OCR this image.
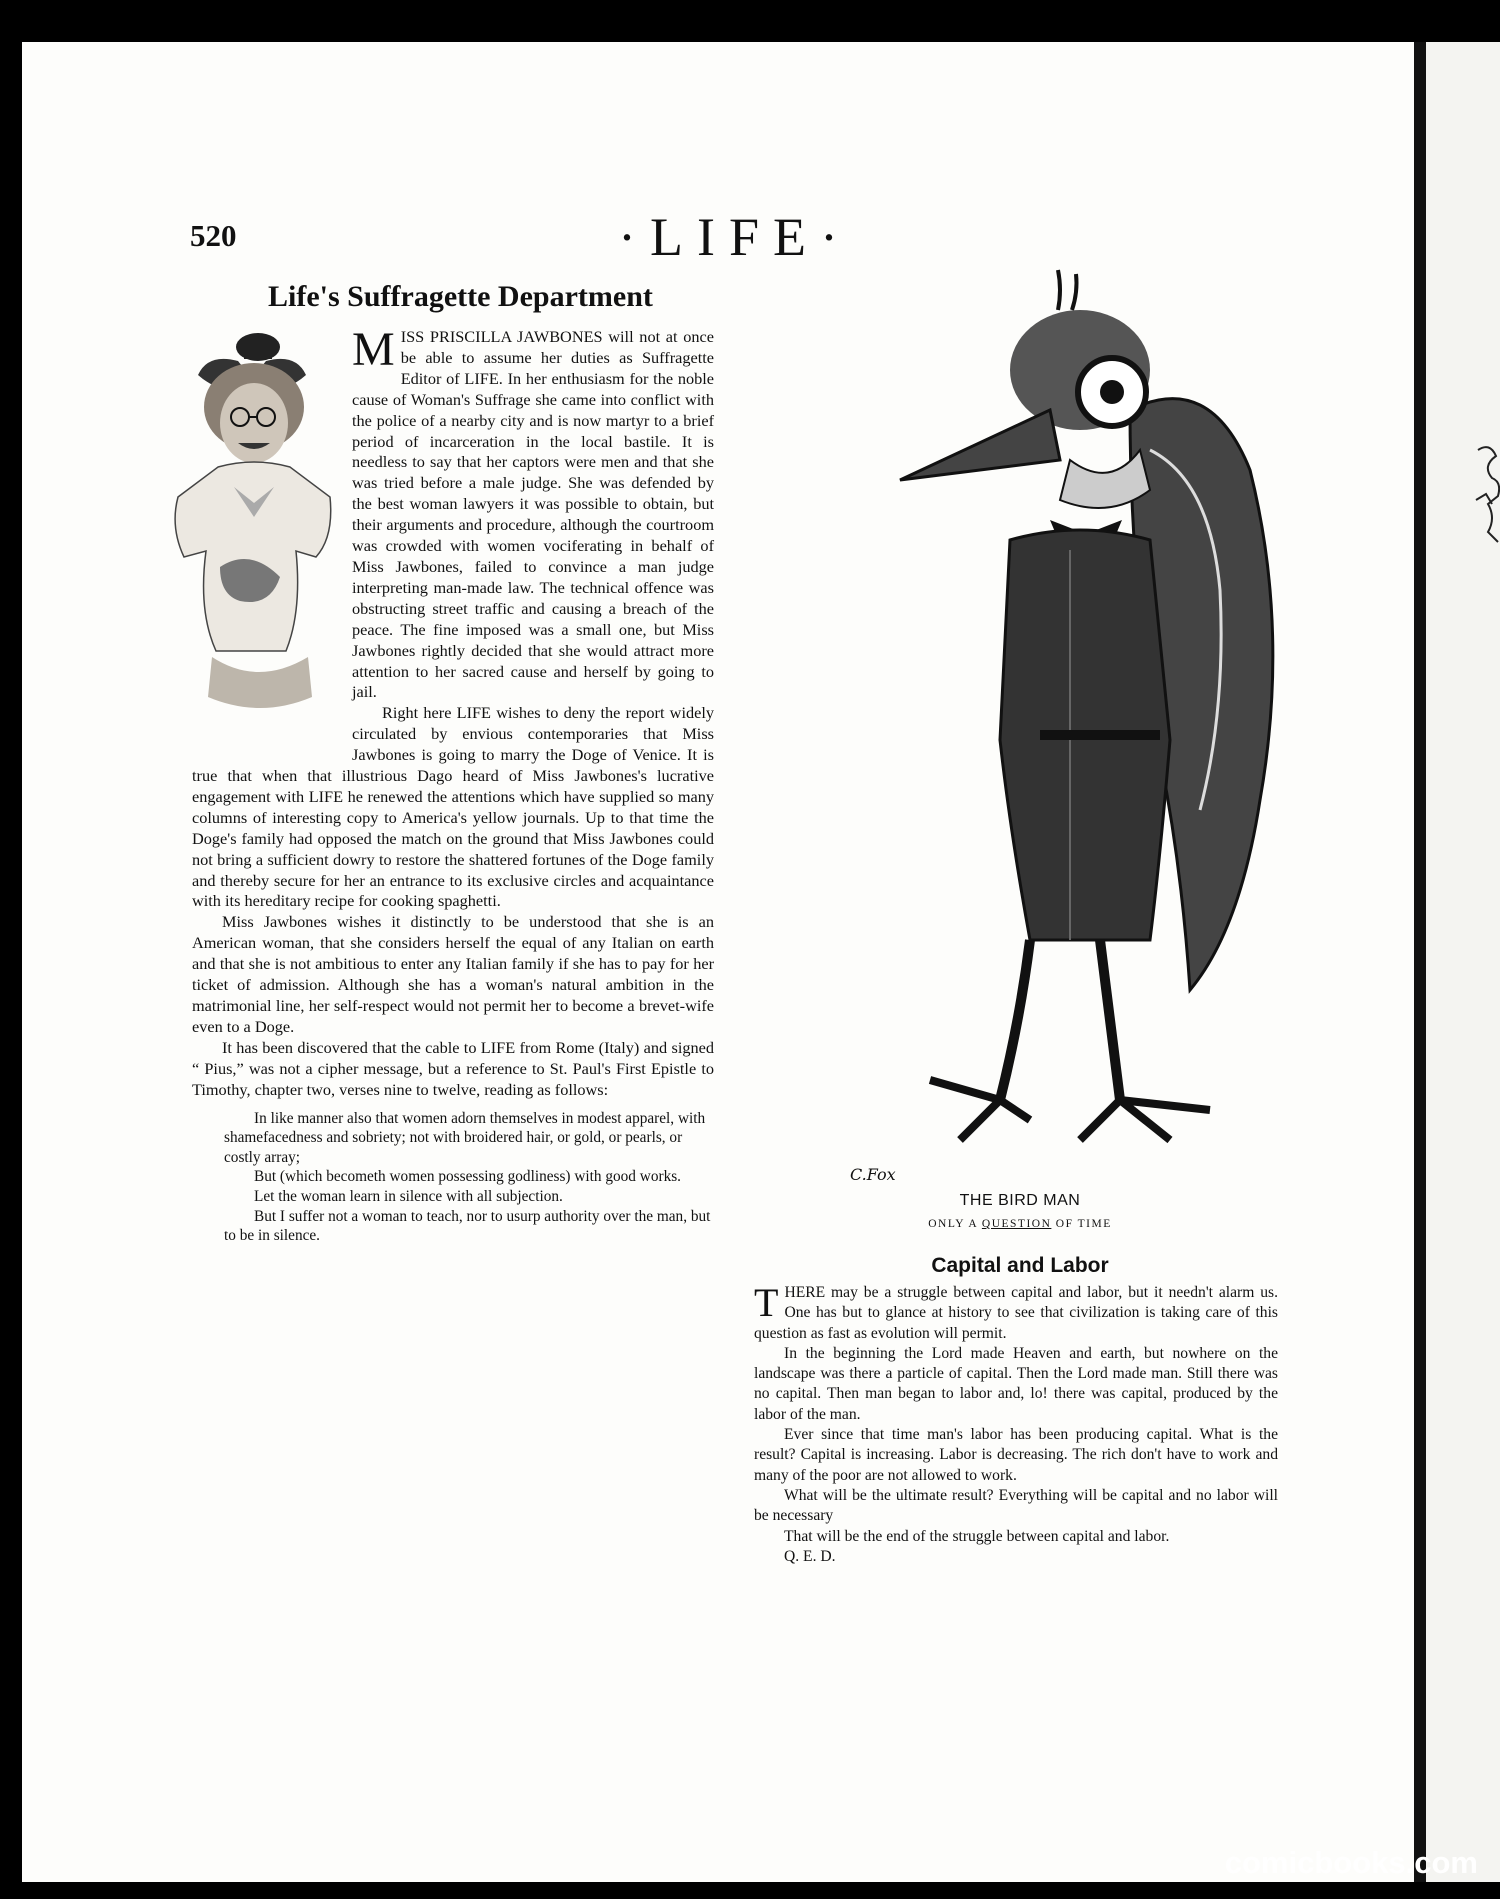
520	·LIFE·
Life's Suffragette Department
M ISS PRISCILLA JAWBONES will not at once be able to assume her duties as Suffragette Editor of LIFE. In her enthusiasm for the noble cause of Woman's Suffrage she came into conflict with the police of a nearby city and is now martyr to a brief period of incarceration in the local bastile. It is needless to say that her captors were men and that she was tried before a male judge. She was defended by the best woman lawyers it was possible to obtain, but their arguments and procedure, although the courtroom was crowded with women vociferating in behalf of Miss Jawbones, failed to convince a man judge interpreting man-made law. The technical offence was obstructing street traffic and causing a breach of the peace. The fine imposed was a small one, but Miss Jawbones rightly decided that she would attract more attention to her sacred cause and herself by going to jail.

Right here LIFE wishes to deny the report widely circulated by envious contemporaries that Miss Jawbones is going to marry the Doge of Venice. It is true that when that illustrious Dago heard of Miss Jawbones's lucrative engagement with LIFE he renewed the attentions which have supplied so many columns of interesting copy to America's yellow journals. Up to that time the Doge's family had opposed the match on the ground that Miss Jawbones could not bring a sufficient dowry to restore the shattered fortunes of the Doge family and thereby secure for her an entrance to its exclusive circles and acquaintance with its hereditary recipe for cooking spaghetti.

Miss Jawbones wishes it distinctly to be understood that she is an American woman, that she considers herself the equal of any Italian on earth and that she is not ambitious to enter any Italian family if she has to pay for her ticket of admission. Although she has a woman's natural ambition in the matrimonial line, her self-respect would not permit her to become a brevet-wife even to a Doge.

It has been discovered that the cable to LIFE from Rome (Italy) and signed “ Pius,” was not a cipher message, but a reference to St. Paul's First Epistle to Timothy, chapter two, verses nine to twelve, reading as follows:

In like manner also that women adorn themselves in modest apparel, with shamefacedness and sobriety; not with broidered hair, or gold, or pearls, or costly array;

But (which becometh women possessing godliness) with good works.

Let the woman learn in silence with all subjection.

But I suffer not a woman to teach, nor to usurp authority over the man, but to be in silence.

C.Fox
THE BIRD MAN
ONLY A QUESTION OF TIME
Capital and Labor
T HERE may be a struggle between capital and labor, but it needn't alarm us. One has but to glance at history to see that civilization is taking care of this question as fast as evolution will permit.

In the beginning the Lord made Heaven and earth, but nowhere on the landscape was there a particle of capital. Then the Lord made man. Still there was no capital. Then man began to labor and, lo! there was capital, produced by the labor of the man.

Ever since that time man's labor has been producing capital. What is the result? Capital is increasing. Labor is decreasing. The rich don't have to work and many of the poor are not allowed to work.

What will be the ultimate result? Everything will be capital and no labor will be necessary

That will be the end of the struggle between capital and labor.

Q. E. D.

comicbooks.com
